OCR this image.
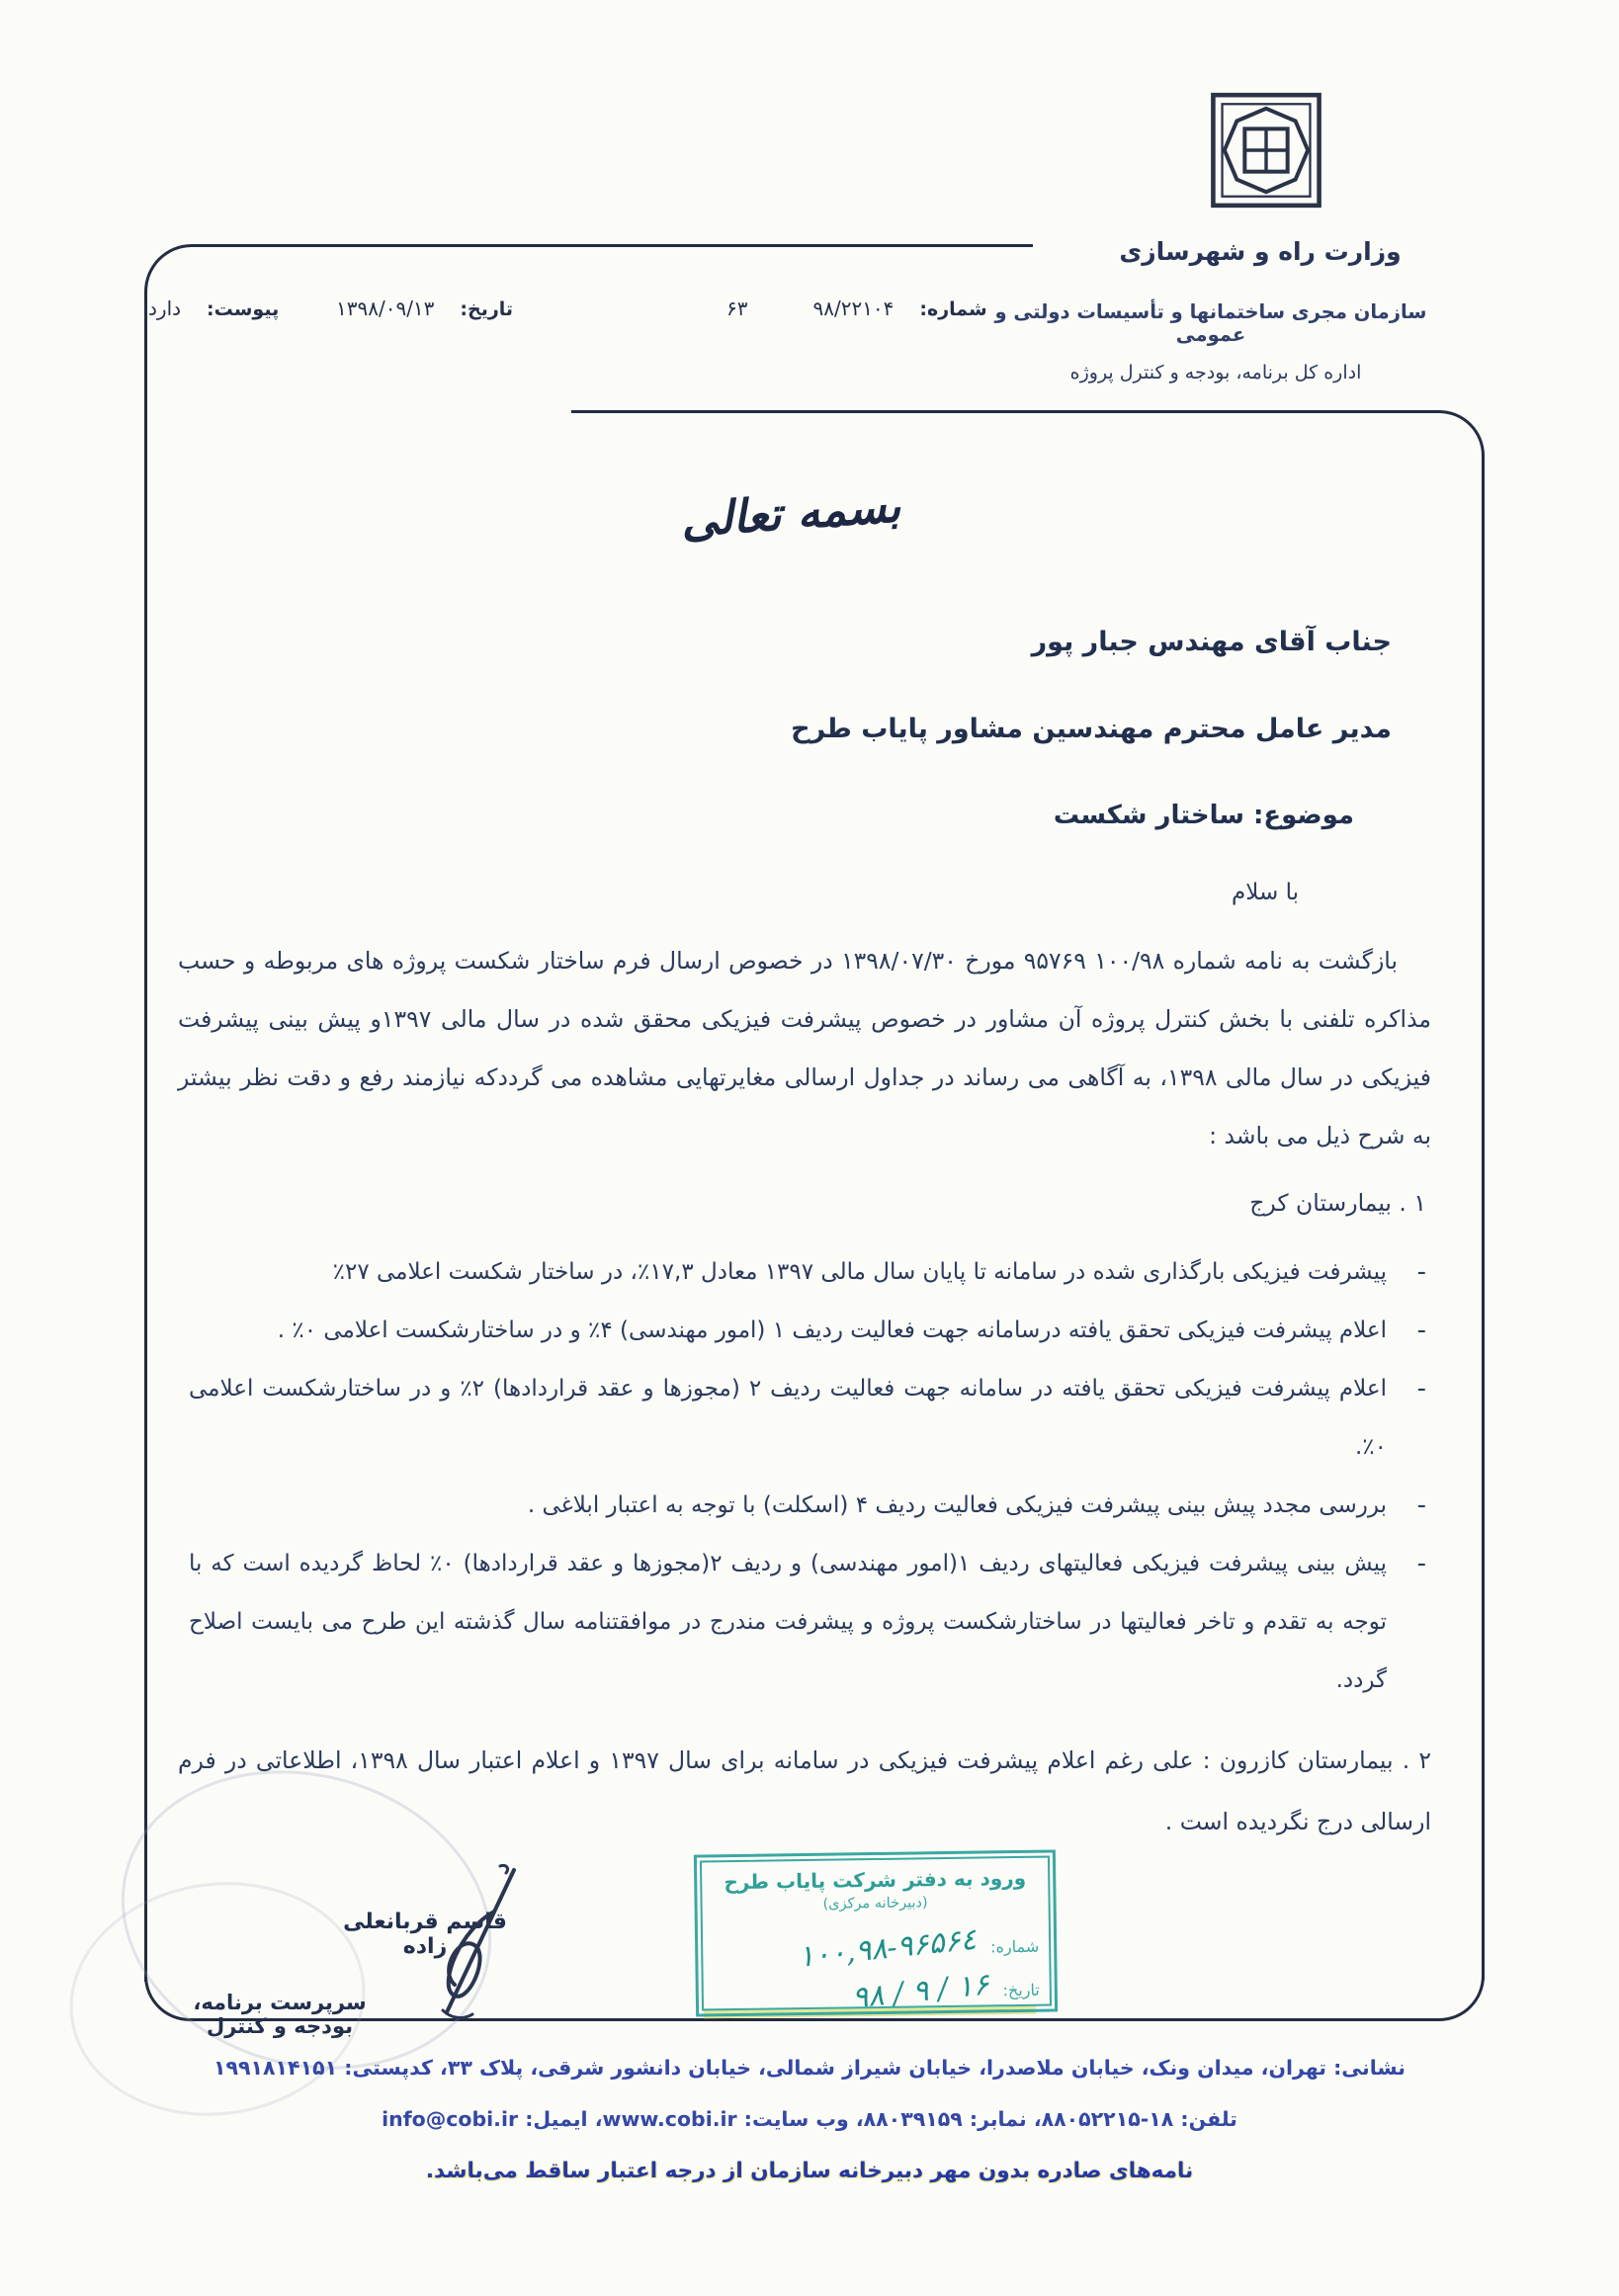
وزارت راه و شهرسازی
سازمان مجری ساختمانها و تأسیسات دولتی و عمومی
اداره کل برنامه، بودجه و کنترل پروژه
شماره:
۹۸/۲۲۱۰۴
۶۳
تاریخ:
۱۳۹۸/۰۹/۱۳
پیوست:
دارد
بسمه تعالی
جناب آقای مهندس جبار پور
مدیر عامل محترم مهندسین مشاور پایاب طرح
موضوع: ساختار شکست
با سلام
بازگشت به نامه شماره ۱۰۰/۹۸ ۹۵۷۶۹ مورخ ۱۳۹۸/۰۷/۳۰ در خصوص ارسال فرم ساختار شکست پروژه های مربوطه و حسب مذاکره تلفنی با بخش کنترل پروژه آن مشاور در خصوص پیشرفت فیزیکی محقق شده در سال مالی ۱۳۹۷و پیش بینی پیشرفت فیزیکی در سال مالی ۱۳۹۸، به آگاهی می رساند در جداول ارسالی مغایرتهایی مشاهده می گرددکه نیازمند رفع و دقت نظر بیشتر به شرح ذیل می باشد :
۱ . بیمارستان کرج
-
پیشرفت فیزیکی بارگذاری شده در سامانه تا پایان سال مالی ۱۳۹۷ معادل ۱۷,۳٪، در ساختار شکست اعلامی ۲۷٪
-
اعلام پیشرفت فیزیکی تحقق یافته درسامانه جهت فعالیت ردیف ۱ (امور مهندسی) ۴٪ و در ساختارشکست اعلامی ۰٪ .
-
اعلام پیشرفت فیزیکی تحقق یافته در سامانه جهت فعالیت ردیف ۲ (مجوزها و عقد قراردادها) ۲٪ و در ساختارشکست اعلامی ۰٪.
-
بررسی مجدد پیش بینی پیشرفت فیزیکی فعالیت ردیف ۴ (اسکلت) با توجه به اعتبار ابلاغی .
-
پیش بینی پیشرفت فیزیکی فعالیتهای ردیف ۱(امور مهندسی) و ردیف ۲(مجوزها و عقد قراردادها) ۰٪ لحاظ گردیده است که با توجه به تقدم و تاخر فعالیتها در ساختارشکست پروژه و پیشرفت مندرج در موافقتنامه سال گذشته این طرح می بایست اصلاح گردد.
۲ . بیمارستان کازرون : علی رغم اعلام پیشرفت فیزیکی در سامانه برای سال ۱۳۹۷ و اعلام اعتبار سال ۱۳۹۸، اطلاعاتی در فرم ارسالی درج نگردیده است .
قاسم قربانعلی زاده
سرپرست برنامه، بودجه و کنترل
ورود به دفتر شرکت پایاب طرح
(دبیرخانه مرکزی)
شماره:
۱۰۰,۹۸-۹۶۵۶٤
تاریخ:
۹۸ / ۹ / ۱۶
نشانی: تهران، میدان ونک، خیابان ملاصدرا، خیابان شیراز شمالی، خیابان دانشور شرقی، پلاک ۳۳، کدپستی: ۱۹۹۱۸۱۴۱۵۱
تلفن: ۱۸-۸۸۰۵۲۲۱۵، نمابر: ۸۸۰۳۹۱۵۹، وب سایت: www.cobi.ir، ایمیل: info@cobi.ir
نامه‌های صادره بدون مهر دبیرخانه سازمان از درجه اعتبار ساقط می‌باشد.
